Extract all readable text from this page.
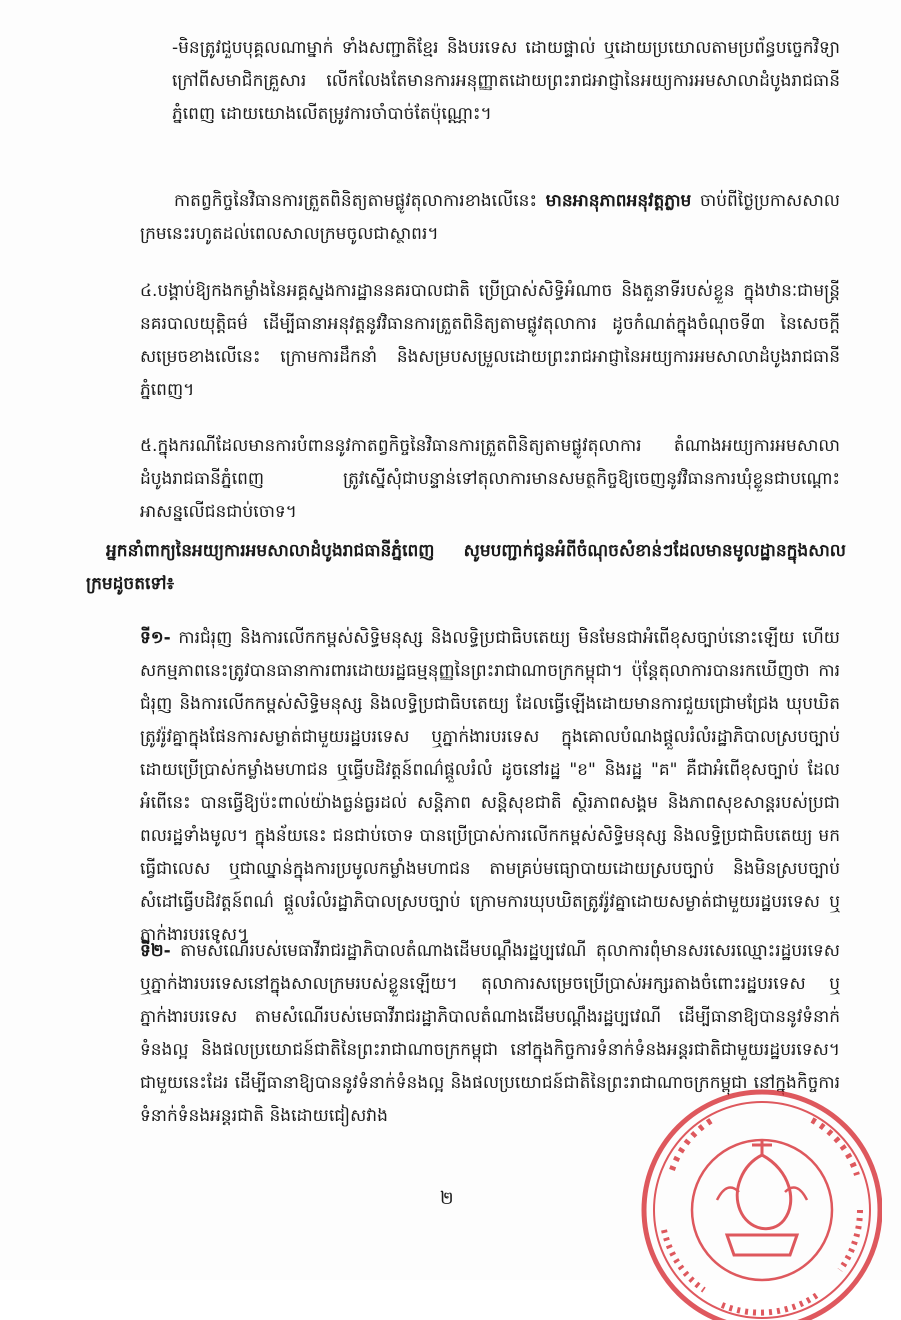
-មិនត្រូវជួបបុគ្គលណាម្នាក់ ទាំងសញ្ជាតិខ្មែរ និងបរទេស ដោយផ្ទាល់ ឬដោយប្រយោលតាមប្រព័ន្ធបច្ចេកវិទ្យា ក្រៅពីសមាជិកគ្រួសារ លើកលែងតែមានការអនុញ្ញាតដោយព្រះរាជអាជ្ញានៃអយ្យការអមសាលាដំបូងរាជធានីភ្នំពេញ ដោយយោងលើតម្រូវការចាំបាច់តែប៉ុណ្ណោះ។

កាតព្វកិច្ចនៃវិធានការត្រួតពិនិត្យតាមផ្លូវតុលាការខាងលើនេះ មានអានុភាពអនុវត្តភ្លាម ចាប់ពីថ្ងៃប្រកាសសាលក្រមនេះរហូតដល់ពេលសាលក្រមចូលជាស្ថាពរ។

៤.បង្គាប់ឱ្យកងកម្លាំងនៃអគ្គស្នងការដ្ឋាននគរបាលជាតិ ប្រើប្រាស់សិទ្ធិអំណាច និងតួនាទីរបស់ខ្លួន ក្នុងឋានៈជាមន្ត្រីនគរបាលយុត្តិធម៌ ដើម្បីធានាអនុវត្តនូវវិធានការត្រួតពិនិត្យតាមផ្លូវតុលាការ ដូចកំណត់ក្នុងចំណុចទី៣ នៃសេចក្តីសម្រេចខាងលើនេះ ក្រោមការដឹកនាំ និងសម្របសម្រួលដោយព្រះរាជអាជ្ញានៃអយ្យការអមសាលាដំបូងរាជធានីភ្នំពេញ។

៥.ក្នុងករណីដែលមានការបំពាននូវកាតព្វកិច្ចនៃវិធានការត្រួតពិនិត្យតាមផ្លូវតុលាការ តំណាងអយ្យការអមសាលាដំបូងរាជធានីភ្នំពេញ ត្រូវស្នើសុំជាបន្ទាន់ទៅតុលាការមានសមត្ថកិច្ចឱ្យចេញនូវវិធានការឃុំខ្លួនជាបណ្តោះអាសន្នលើជនជាប់ចោទ។

អ្នកនាំពាក្យនៃអយ្យការអមសាលាដំបូងរាជធានីភ្នំពេញ សូមបញ្ជាក់ជូនអំពីចំណុចសំខាន់ៗដែលមានមូលដ្ឋានក្នុងសាលក្រមដូចតទៅ៖

ទី១- ការជំរុញ និងការលើកកម្ពស់សិទ្ធិមនុស្ស និងលទ្ធិប្រជាធិបតេយ្យ មិនមែនជាអំពើខុសច្បាប់នោះឡើយ ហើយសកម្មភាពនេះត្រូវបានធានាការពារដោយរដ្ឋធម្មនុញ្ញនៃព្រះរាជាណាចក្រកម្ពុជា។ ប៉ុន្តែតុលាការបានរកឃើញថា ការជំរុញ និងការលើកកម្ពស់សិទ្ធិមនុស្ស និងលទ្ធិប្រជាធិបតេយ្យ ដែលធ្វើឡើងដោយមានការជួយជ្រោមជ្រែង ឃុបឃិតត្រូវរ៉ូវគ្នាក្នុងផែនការសម្ងាត់ជាមួយរដ្ឋបរទេស ឬភ្នាក់ងារបរទេស ក្នុងគោលបំណងផ្តួលរំលំរដ្ឋាភិបាលស្របច្បាប់ ដោយប្រើប្រាស់កម្លាំងមហាជន ឬធ្វើបដិវត្តន៍ពណ៌ផ្តួលរំលំ ដូចនៅរដ្ឋ "ខ" និងរដ្ឋ "គ" គឺជាអំពើខុសច្បាប់ ដែលអំពើនេះ បានធ្វើឱ្យប៉ះពាល់យ៉ាងធ្ងន់ធ្ងរដល់ សន្តិភាព សន្តិសុខជាតិ ស្ថិរភាពសង្គម និងភាពសុខសាន្តរបស់ប្រជាពលរដ្ឋទាំងមូល។ ក្នុងន័យនេះ ជនជាប់ចោទ បានប្រើប្រាស់ការលើកកម្ពស់សិទ្ធិមនុស្ស និងលទ្ធិប្រជាធិបតេយ្យ មកធ្វើជាលេស ឬជាឈ្នាន់ក្នុងការប្រមូលកម្លាំងមហាជន តាមគ្រប់មធ្យោបាយដោយស្របច្បាប់ និងមិនស្របច្បាប់ សំដៅធ្វើបដិវត្តន៍ពណ៌ ផ្តួលរំលំរដ្ឋាភិបាលស្របច្បាប់ ក្រោមការឃុបឃិតត្រូវរ៉ូវគ្នាដោយសម្ងាត់ជាមួយរដ្ឋបរទេស ឬ ភ្នាក់ងារបរទេស។

ទី២- តាមសំណើរបស់មេធាវីរាជរដ្ឋាភិបាលតំណាងដើមបណ្តឹងរដ្ឋប្បវេណី តុលាការពុំមានសរសេរឈ្មោះរដ្ឋបរទេស ឬភ្នាក់ងារបរទេសនៅក្នុងសាលក្រមរបស់ខ្លួនឡើយ។ តុលាការសម្រេចប្រើប្រាស់អក្សរតាងចំពោះរដ្ឋបរទេស ឬភ្នាក់ងារបរទេស តាមសំណើរបស់មេធាវីរាជរដ្ឋាភិបាលតំណាងដើមបណ្តឹងរដ្ឋប្បវេណី ដើម្បីធានាឱ្យបាននូវទំនាក់ទំនងល្អ និងផលប្រយោជន៍ជាតិនៃព្រះរាជាណាចក្រកម្ពុជា នៅក្នុងកិច្ចការទំនាក់ទំនងអន្តរជាតិជាមួយរដ្ឋបរទេស។ ជាមួយនេះដែរ ដើម្បីធានាឱ្យបាននូវទំនាក់ទំនងល្អ និងផលប្រយោជន៍ជាតិនៃព្រះរាជាណាចក្រកម្ពុជា នៅក្នុងកិច្ចការទំនាក់ទំនងអន្តរជាតិ និងដោយជៀសវាង

២
